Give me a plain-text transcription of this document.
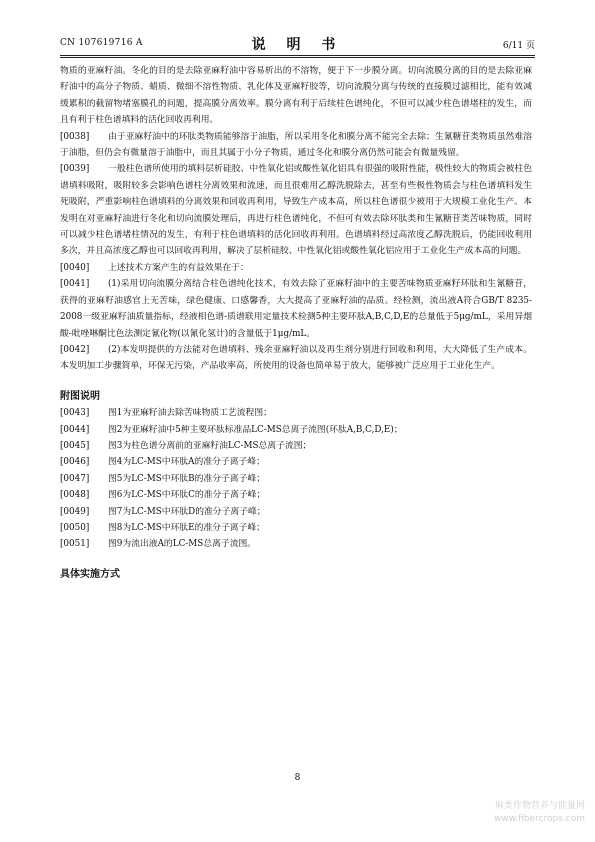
CN 107619716 A	说 明 书	6/11 页

物质的亚麻籽油。冬化的目的是去除亚麻籽油中容易析出的不溶物，便于下一步膜分离。切向流膜分离的目的是去除亚麻籽油中的高分子物质、蜡质、微细不溶性物质、乳化体及亚麻籽胶等，切向流膜分离与传统的直接膜过滤相比，能有效减缓累积的截留物堵塞膜孔的问题，提高膜分离效率。膜分离有利于后续柱色谱纯化，不但可以减少柱色谱堵柱的发生，而且有利于柱色谱填料的活化回收再利用。

[0038] 由于亚麻籽油中的环肽类物质能够溶于油脂，所以采用冬化和膜分离不能完全去除；生氰糖苷类物质虽然难溶于油脂，但仍会有微量溶于油脂中，而且其属于小分子物质，通过冬化和膜分离仍然可能会有微量残留。

[0039] 一般柱色谱所使用的填料层析硅胶、中性氧化铝或酸性氧化铝具有很强的吸附性能，极性较大的物质会被柱色谱填料吸附，吸附较多会影响色谱柱分离效果和流速，而且很难用乙醇洗脱除去，甚至有些极性物质会与柱色谱填料发生死吸附，严重影响柱色谱填料的分离效果和回收再利用，导致生产成本高，所以柱色谱很少被用于大规模工业化生产。本发明在对亚麻籽油进行冬化和切向流膜处理后，再进行柱色谱纯化，不但可有效去除环肽类和生氰糖苷类苦味物质，同时可以减少柱色谱堵柱情况的发生，有利于柱色谱填料的活化回收再利用。色谱填料经过高浓度乙醇洗脱后，仍能回收利用多次，并且高浓度乙醇也可以回收再利用，解决了层析硅胶、中性氧化铝或酸性氧化铝应用于工业化生产成本高的问题。

[0040] 上述技术方案产生的有益效果在于：

[0041] (1)采用切向流膜分离结合柱色谱纯化技术，有效去除了亚麻籽油中的主要苦味物质亚麻籽环肽和生氰糖苷，获得的亚麻籽油感官上无苦味，绿色健康、口感馨香，大大提高了亚麻籽油的品质。经检测，流出液A符合GB/T 8235-2008一级亚麻籽油质量指标，经液相色谱-质谱联用定量技术检测5种主要环肽A,B,C,D,E的总量低于5μg/mL，采用异烟酸-吡唑啉酮比色法测定氰化物(以氰化氢计)的含量低于1μg/mL。

[0042] (2)本发明提供的方法能对色谱填料、残余亚麻籽油以及再生剂分别进行回收和利用，大大降低了生产成本。本发明加工步骤简单，环保无污染，产品收率高，所使用的设备也简单易于放大，能够被广泛应用于工业化生产。

附图说明

[0043] 图1为亚麻籽油去除苦味物质工艺流程图；

[0044] 图2为亚麻籽油中5种主要环肽标准品LC-MS总离子流图(环肽A,B,C,D,E)；

[0045] 图3为柱色谱分离前的亚麻籽油LC-MS总离子流图；

[0046] 图4为LC-MS中环肽A的准分子离子峰；

[0047] 图5为LC-MS中环肽B的准分子离子峰；

[0048] 图6为LC-MS中环肽C的准分子离子峰；

[0049] 图7为LC-MS中环肽D的准分子离子峰；

[0050] 图8为LC-MS中环肽E的准分子离子峰；

[0051] 图9为流出液A的LC-MS总离子流图。

具体实施方式

8
麻类作物营养与能量网
www.fibercrops.com
